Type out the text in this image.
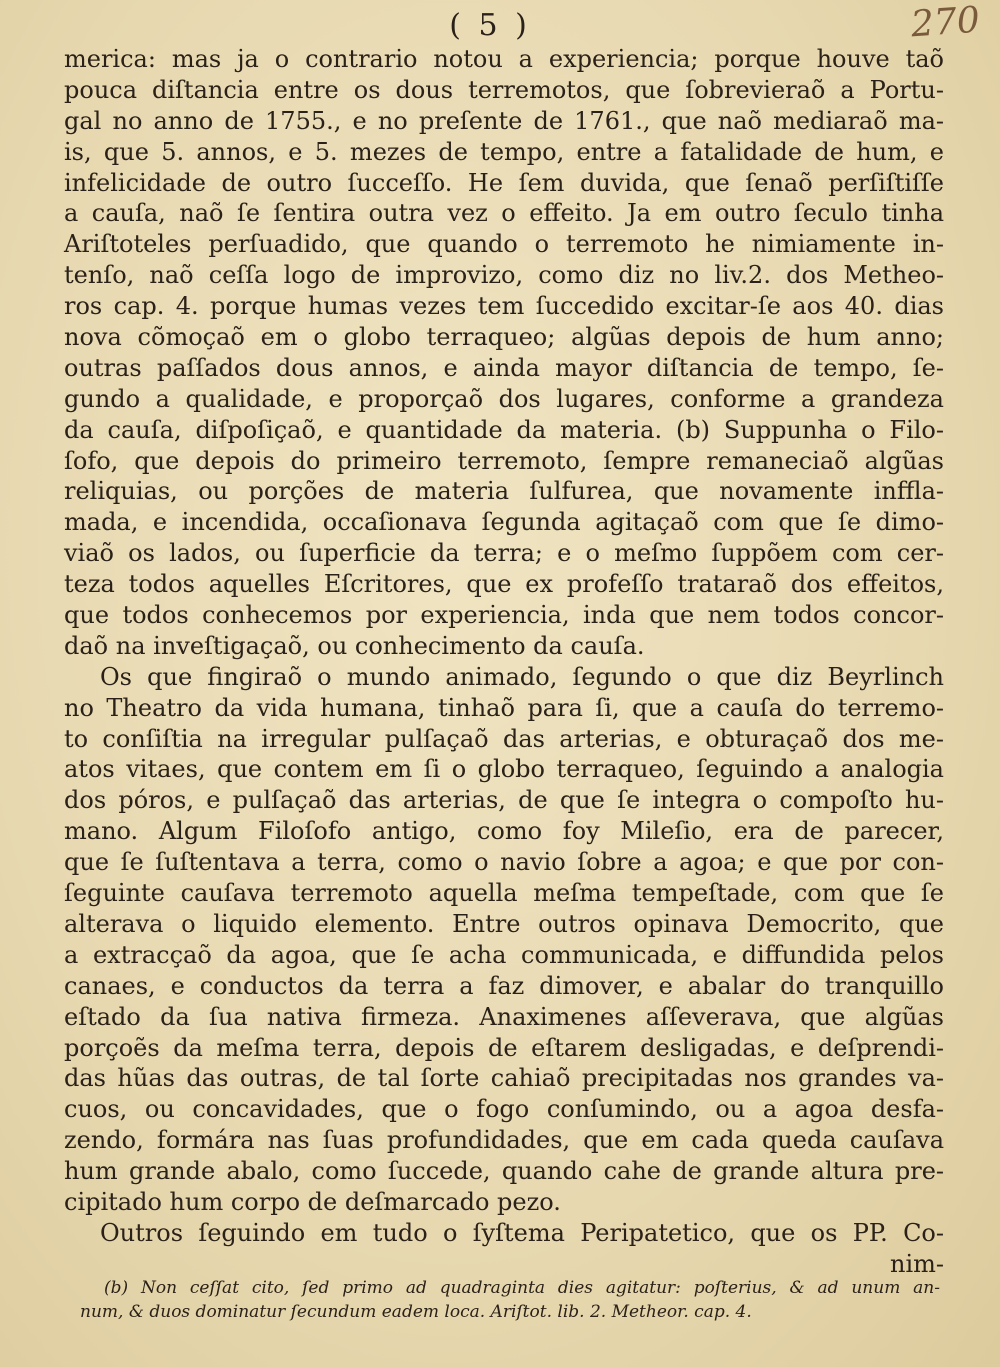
( 5 )	270
merica: mas ja o contrario notou a experiencia; porque houve taõ
pouca diſtancia entre os dous terremotos, que ſobrevieraõ a Portu-
gal no anno de 1755., e no preſente de 1761., que naõ mediaraõ ma-
is, que 5. annos, e 5. mezes de tempo, entre a fatalidade de hum, e
infelicidade de outro ſucceſſo. He ſem duvida, que ſenaõ perſiſtiſſe
a cauſa, naõ ſe ſentira outra vez o effeito. Ja em outro ſeculo tinha
Ariſtoteles perſuadido, que quando o terremoto he nimiamente in-
tenſo, naõ ceſſa logo de improvizo, como diz no liv.2. dos Metheo-
ros cap. 4. porque humas vezes tem ſuccedido excitar-ſe aos 40. dias
nova cõmoçaõ em o globo terraqueo; algũas depois de hum anno;
outras paſſados dous annos, e ainda mayor diſtancia de tempo, ſe-
gundo a qualidade, e proporçaõ dos lugares, conforme a grandeza
da cauſa, diſpoſiçaõ, e quantidade da materia. (b) Suppunha o Filo-
ſofo, que depois do primeiro terremoto, ſempre remaneciaõ algũas
reliquias, ou porções de materia ſulfurea, que novamente inffla-
mada, e incendida, occaſionava ſegunda agitaçaõ com que ſe dimo-
viaõ os lados, ou ſuperficie da terra; e o meſmo ſuppõem com cer-
teza todos aquelles Eſcritores, que ex profeſſo trataraõ dos effeitos,
que todos conhecemos por experiencia, inda que nem todos concor-
daõ na inveſtigaçaõ, ou conhecimento da cauſa.
Os que fingiraõ o mundo animado, ſegundo o que diz Beyrlinch
no Theatro da vida humana, tinhaõ para ſi, que a cauſa do terremo-
to conſiſtia na irregular pulſaçaõ das arterias, e obturaçaõ dos me-
atos vitaes, que contem em ſi o globo terraqueo, ſeguindo a analogia
dos póros, e pulſaçaõ das arterias, de que ſe integra o compoſto hu-
mano. Algum Filoſofo antigo, como foy Mileſio, era de parecer,
que ſe ſuſtentava a terra, como o navio ſobre a agoa; e que por con-
ſeguinte cauſava terremoto aquella meſma tempeſtade, com que ſe
alterava o liquido elemento. Entre outros opinava Democrito, que
a extracçaõ da agoa, que ſe acha communicada, e diffundida pelos
canaes, e conductos da terra a faz dimover, e abalar do tranquillo
eſtado da ſua nativa firmeza. Anaximenes aſſeverava, que algũas
porçoẽs da meſma terra, depois de eſtarem desligadas, e deſprendi-
das hũas das outras, de tal ſorte cahiaõ precipitadas nos grandes va-
cuos, ou concavidades, que o fogo conſumindo, ou a agoa desfa-
zendo, formára nas ſuas profundidades, que em cada queda cauſava
hum grande abalo, como ſuccede, quando cahe de grande altura pre-
cipitado hum corpo de deſmarcado pezo.
Outros ſeguindo em tudo o ſyſtema Peripatetico, que os PP. Co-
nim-
(b) Non ceſſat cito, ſed primo ad quadraginta dies agitatur: poſterius, & ad unum an-
num, & duos dominatur ſecundum eadem loca. Ariſtot. lib. 2. Metheor. cap. 4.
